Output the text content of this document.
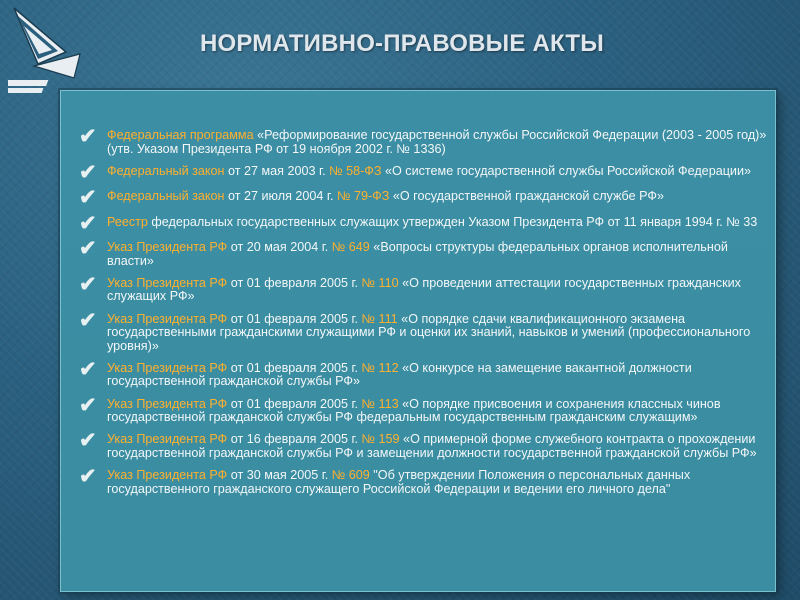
НОРМАТИВНО-ПРАВОВЫЕ АКТЫ
✔ Федеральная программа «Реформирование государственной службы Российской Федерации (2003 - 2005 год)» (утв. Указом Президента РФ от 19 ноября 2002 г. № 1336)
✔ Федеральный закон от 27 мая 2003 г. № 58-ФЗ «О системе государственной службы Российской Федерации»
✔ Федеральный закон от 27 июля 2004 г. № 79-ФЗ «О государственной гражданской службе РФ»
✔ Реестр федеральных государственных служащих утвержден Указом Президента РФ от 11 января 1994 г. № 33
✔ Указ Президента РФ от 20 мая 2004 г. № 649 «Вопросы структуры федеральных органов исполнительной власти»
✔ Указ Президента РФ от 01 февраля 2005 г. № 110 «О проведении аттестации государственных гражданских служащих РФ»
✔ Указ Президента РФ от 01 февраля 2005 г. № 111 «О порядке сдачи квалификационного экзамена государственными гражданскими служащими РФ и оценки их знаний, навыков и умений (профессионального уровня)»
✔ Указ Президента РФ от 01 февраля 2005 г. № 112 «О конкурсе на замещение вакантной должности государственной гражданской службы РФ»
✔ Указ Президента РФ от 01 февраля 2005 г. № 113 «О порядке присвоения и сохранения классных чинов государственной гражданской службы РФ федеральным государственным гражданским служащим»
✔ Указ Президента РФ от 16 февраля 2005 г. № 159 «О примерной форме служебного контракта о прохождении государственной гражданской службы РФ и замещении должности государственной гражданской службы РФ»
✔ Указ Президента РФ от 30 мая 2005 г. № 609 "Об утверждении Положения о персональных данных государственного гражданского служащего Российской Федерации и ведении его личного дела"
